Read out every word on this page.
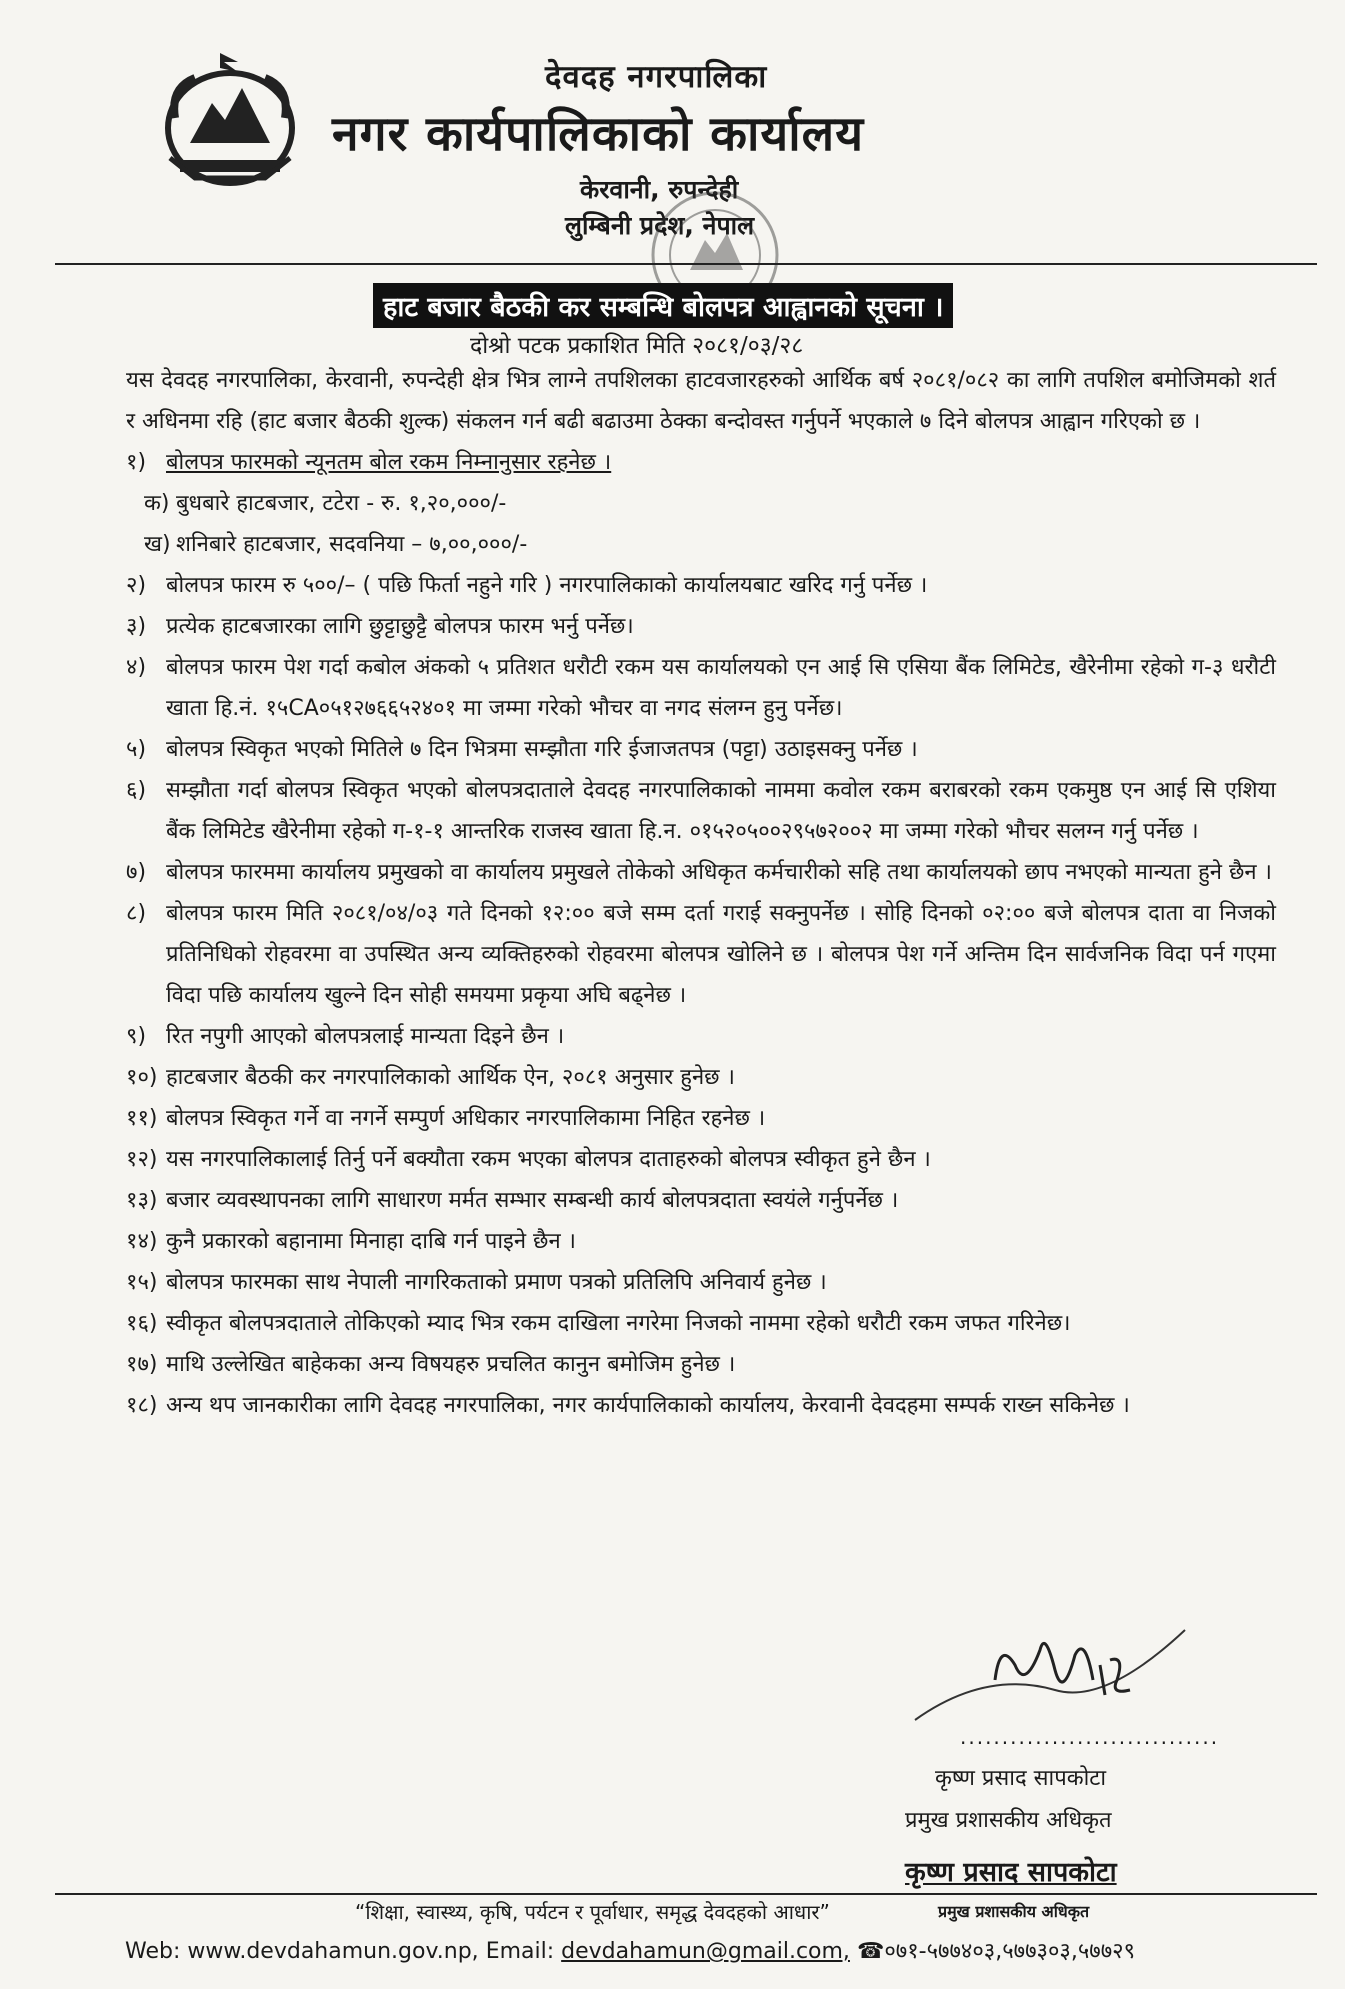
देवदह नगरपालिका
नगर कार्यपालिकाको कार्यालय
केरवानी, रुपन्देही
लुम्बिनी प्रदेश, नेपाल
हाट बजार बैठकी कर सम्बन्धि बोलपत्र आह्वानको सूचना ।
दोश्रो पटक प्रकाशित मिति २०८१/०३/२८

यस देवदह नगरपालिका, केरवानी, रुपन्देही क्षेत्र भित्र लाग्ने तपशिलका हाटवजारहरुको आर्थिक बर्ष २०८१/०८२ का लागि तपशिल बमोजिमको शर्त र अधिनमा रहि (हाट बजार बैठकी शुल्क) संकलन गर्न बढी बढाउमा ठेक्का बन्दोवस्त गर्नुपर्ने भएकाले ७ दिने बोलपत्र आह्वान गरिएको छ ।

१) बोलपत्र फारमको न्यूनतम बोल रकम निम्नानुसार रहनेछ ।
क) बुधबारे हाटबजार, टटेरा - रु. १,२०,०००/-
ख) शनिबारे हाटबजार, सदवनिया – ७,००,०००/-
२) बोलपत्र फारम रु ५००/– ( पछि फिर्ता नहुने गरि ) नगरपालिकाको कार्यालयबाट खरिद गर्नु पर्नेछ ।
३) प्रत्येक हाटबजारका लागि छुट्टाछुट्टै बोलपत्र फारम भर्नु पर्नेछ।
४) बोलपत्र फारम पेश गर्दा कबोल अंकको ५ प्रतिशत धरौटी रकम यस कार्यालयको एन आई सि एसिया बैंक लिमिटेड, खैरेनीमा रहेको ग-३ धरौटी खाता हि.नं. १५CA०५१२७६६५२४०१ मा जम्मा गरेको भौचर वा नगद संलग्न हुनु पर्नेछ।
५) बोलपत्र स्विकृत भएको मितिले ७ दिन भित्रमा सम्झौता गरि ईजाजतपत्र (पट्टा) उठाइसक्नु पर्नेछ ।
६) सम्झौता गर्दा बोलपत्र स्विकृत भएको बोलपत्रदाताले देवदह नगरपालिकाको नाममा कवोल रकम बराबरको रकम एकमुष्ठ एन आई सि एशिया बैंक लिमिटेड खैरेनीमा रहेको ग-१-१ आन्तरिक राजस्व खाता हि.न. ०१५२०५००२९५७२००२ मा जम्मा गरेको भौचर सलग्न गर्नु पर्नेछ ।
७) बोलपत्र फारममा कार्यालय प्रमुखको वा कार्यालय प्रमुखले तोकेको अधिकृत कर्मचारीको सहि तथा कार्यालयको छाप नभएको मान्यता हुने छैन ।
८) बोलपत्र फारम मिति २०८१/०४/०३ गते दिनको १२:०० बजे सम्म दर्ता गराई सक्नुपर्नेछ । सोहि दिनको ०२:०० बजे बोलपत्र दाता वा निजको प्रतिनिधिको रोहवरमा वा उपस्थित अन्य व्यक्तिहरुको रोहवरमा बोलपत्र खोलिने छ । बोलपत्र पेश गर्ने अन्तिम दिन सार्वजनिक विदा पर्न गएमा विदा पछि कार्यालय खुल्ने दिन सोही समयमा प्रकृया अघि बढ्नेछ ।
९) रित नपुगी आएको बोलपत्रलाई मान्यता दिइने छैन ।
१०) हाटबजार बैठकी कर नगरपालिकाको आर्थिक ऐन, २०८१ अनुसार हुनेछ ।
११) बोलपत्र स्विकृत गर्ने वा नगर्ने सम्पुर्ण अधिकार नगरपालिकामा निहित रहनेछ ।
१२) यस नगरपालिकालाई तिर्नु पर्ने बक्यौता रकम भएका बोलपत्र दाताहरुको बोलपत्र स्वीकृत हुने छैन ।
१३) बजार व्यवस्थापनका लागि साधारण मर्मत सम्भार सम्बन्धी कार्य बोलपत्रदाता स्वयंले गर्नुपर्नेछ ।
१४) कुनै प्रकारको बहानामा मिनाहा दाबि गर्न पाइने छैन ।
१५) बोलपत्र फारमका साथ नेपाली नागरिकताको प्रमाण पत्रको प्रतिलिपि अनिवार्य हुनेछ ।
१६) स्वीकृत बोलपत्रदाताले तोकिएको म्याद भित्र रकम दाखिला नगरेमा निजको नाममा रहेको धरौटी रकम जफत गरिनेछ।
१७) माथि उल्लेखित बाहेकका अन्य विषयहरु प्रचलित कानुन बमोजिम हुनेछ ।
१८) अन्य थप जानकारीका लागि देवदह नगरपालिका, नगर कार्यपालिकाको कार्यालय, केरवानी देवदहमा सम्पर्क राख्न सकिनेछ ।
...............................
कृष्ण प्रसाद सापकोटा
प्रमुख प्रशासकीय अधिकृत
कृष्ण प्रसाद सापकोटा
“शिक्षा, स्वास्थ्य, कृषि, पर्यटन र पूर्वाधार, समृद्ध देवदहको आधार”	प्रमुख प्रशासकीय अधिकृत
Web: www.devdahamun.gov.np, Email: devdahamun@gmail.com, ☎०७१-५७७४०३,५७७३०३,५७७२९
